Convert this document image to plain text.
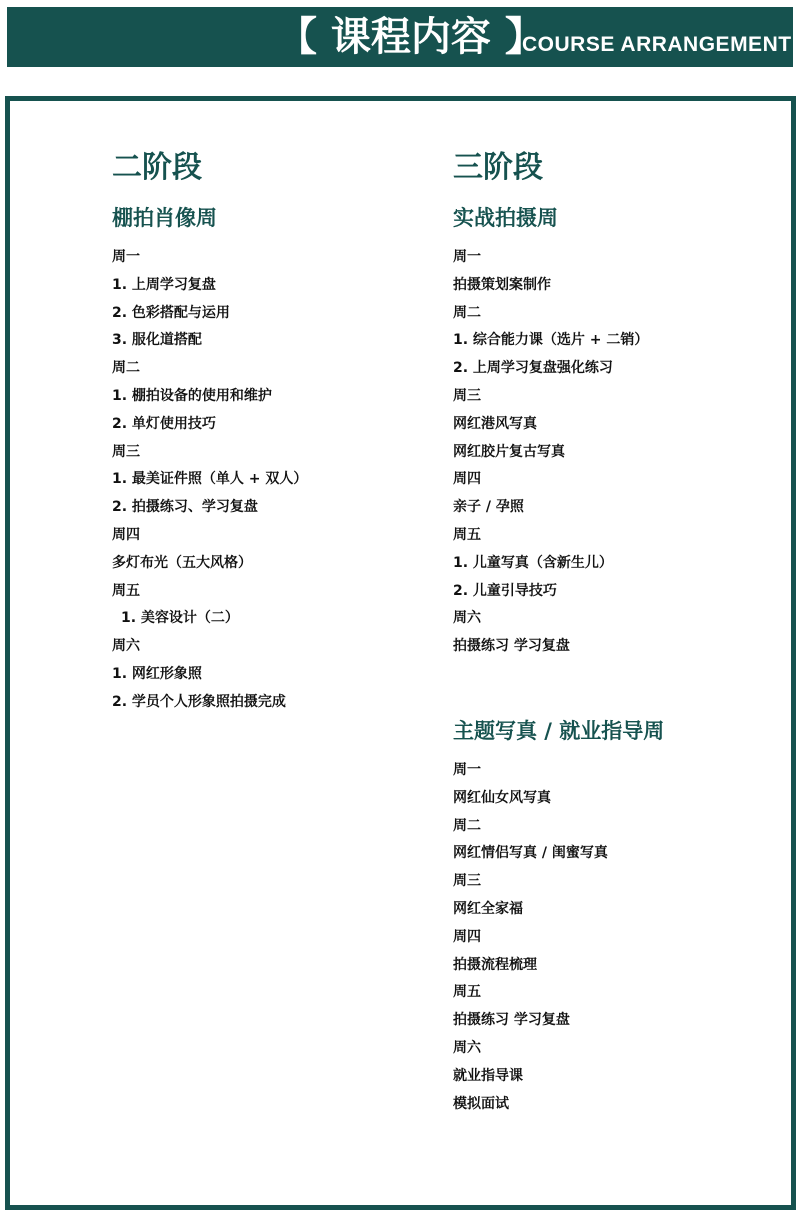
【 课程内容 】
COURSE ARRANGEMENT
二阶段
棚拍肖像周
周一
1. 上周学习复盘
2. 色彩搭配与运用
3. 服化道搭配
周二
1. 棚拍设备的使用和维护
2. 单灯使用技巧
周三
1. 最美证件照（单人 + 双人）
2. 拍摄练习、学习复盘
周四
多灯布光（五大风格）
周五
1. 美容设计（二）
周六
1. 网红形象照
2. 学员个人形象照拍摄完成
三阶段
实战拍摄周
周一
拍摄策划案制作
周二
1. 综合能力课（选片 + 二销）
2. 上周学习复盘强化练习
周三
网红港风写真
网红胶片复古写真
周四
亲子 / 孕照
周五
1. 儿童写真（含新生儿）
2. 儿童引导技巧
周六
拍摄练习 学习复盘
主题写真 / 就业指导周
周一
网红仙女风写真
周二
网红情侣写真 / 闺蜜写真
周三
网红全家福
周四
拍摄流程梳理
周五
拍摄练习 学习复盘
周六
就业指导课
模拟面试
